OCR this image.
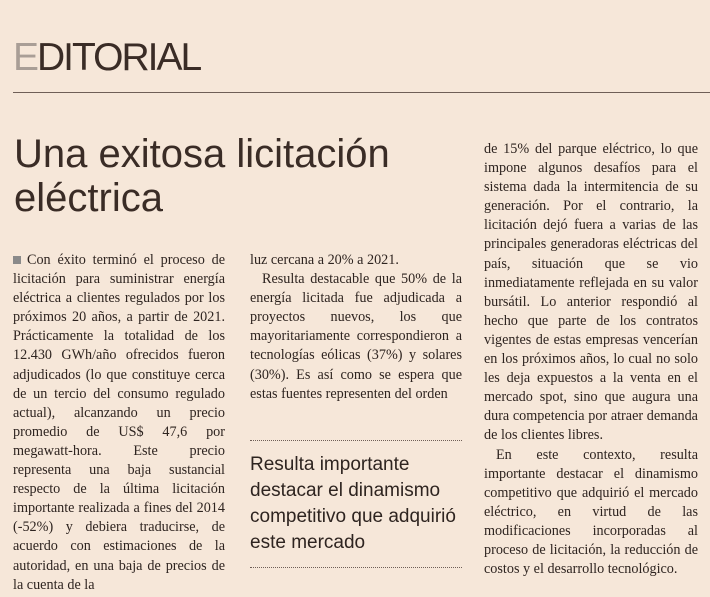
EDITORIAL
Una exitosa licitación eléctrica

Con éxito terminó el proceso de licitación para suministrar energía eléctrica a clientes regulados por los próximos 20 años, a partir de 2021. Prácticamente la totalidad de los 12.430 GWh/año ofrecidos fueron adjudicados (lo que constituye cerca de un tercio del consumo regulado actual), alcanzando un precio promedio de US$ 47,6 por megawatt-hora. Este precio representa una baja sustancial respecto de la última licitación importante realizada a fines del 2014 (-52%) y debiera traducirse, de acuerdo con estimaciones de la autoridad, en una baja de precios de la cuenta de la

luz cercana a 20% a 2021.

Resulta destacable que 50% de la energía licitada fue adjudicada a proyectos nuevos, los que mayoritariamente correspondieron a tecnologías eólicas (37%) y solares (30%). Es así como se espera que estas fuentes representen del orden

Resulta importante destacar el dinamismo competitivo que adquirió este mercado

de 15% del parque eléctrico, lo que impone algunos desafíos para el sistema dada la intermitencia de su generación. Por el contrario, la licitación dejó fuera a varias de las principales generadoras eléctricas del país, situación que se vio inmediatamente reflejada en su valor bursátil. Lo anterior respondió al hecho que parte de los contratos vigentes de estas empresas vencerían en los próximos años, lo cual no solo les deja expuestos a la venta en el mercado spot, sino que augura una dura competencia por atraer demanda de los clientes libres.

En este contexto, resulta importante destacar el dinamismo competitivo que adquirió el mercado eléctrico, en virtud de las modificaciones incorporadas al proceso de licitación, la reducción de costos y el desarrollo tecnológico.
